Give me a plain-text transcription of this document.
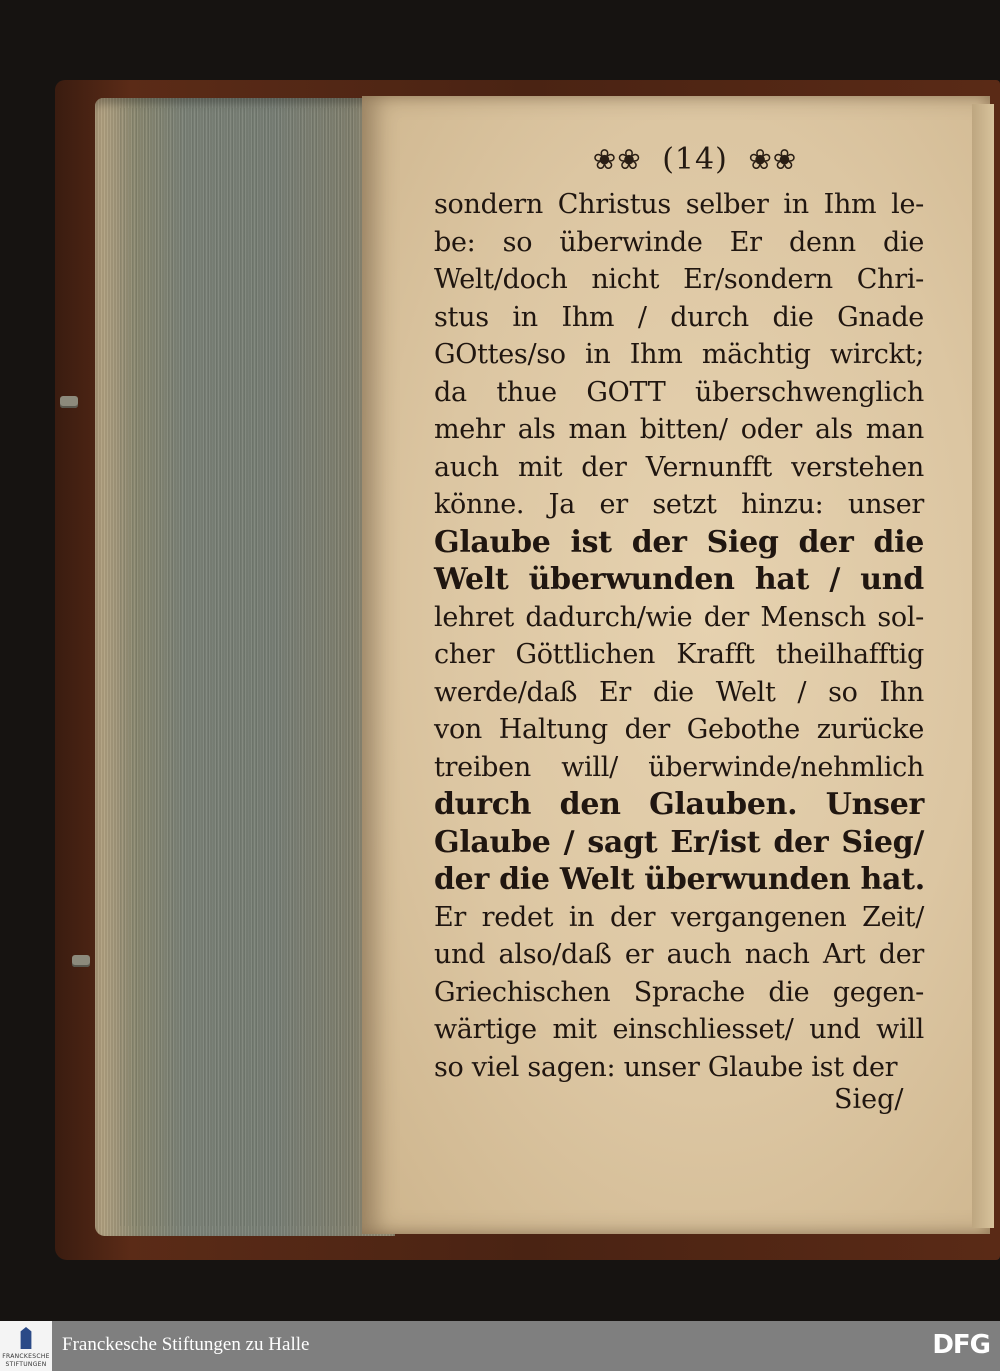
❀❀ (14) ❀❀
sondern Christus selber in Ihm le-
be: so überwinde Er denn die
Welt/doch nicht Er/sondern Chri-
stus in Ihm / durch die Gnade
GOttes/so in Ihm mächtig wirckt;
da thue GOTT überschwenglich
mehr als man bitten/ oder als man
auch mit der Vernunfft verstehen
könne. Ja er setzt hinzu: unser
Glaube ist der Sieg der die
Welt überwunden hat / und
lehret dadurch/wie der Mensch sol-
cher Göttlichen Krafft theilhafftig
werde/daß Er die Welt / so Ihn
von Haltung der Gebothe zurücke
treiben will/ überwinde/nehmlich
durch den Glauben. Unser
Glaube / sagt Er/ist der Sieg/
der die Welt überwunden hat.
Er redet in der vergangenen Zeit/
und also/daß er auch nach Art der
Griechischen Sprache die gegen-
wärtige mit einschliesset/ und will
so viel sagen: unser Glaube ist der
Sieg/
FRANCKESCHE
STIFTUNGEN
Franckesche Stiftungen zu Halle	DFG
